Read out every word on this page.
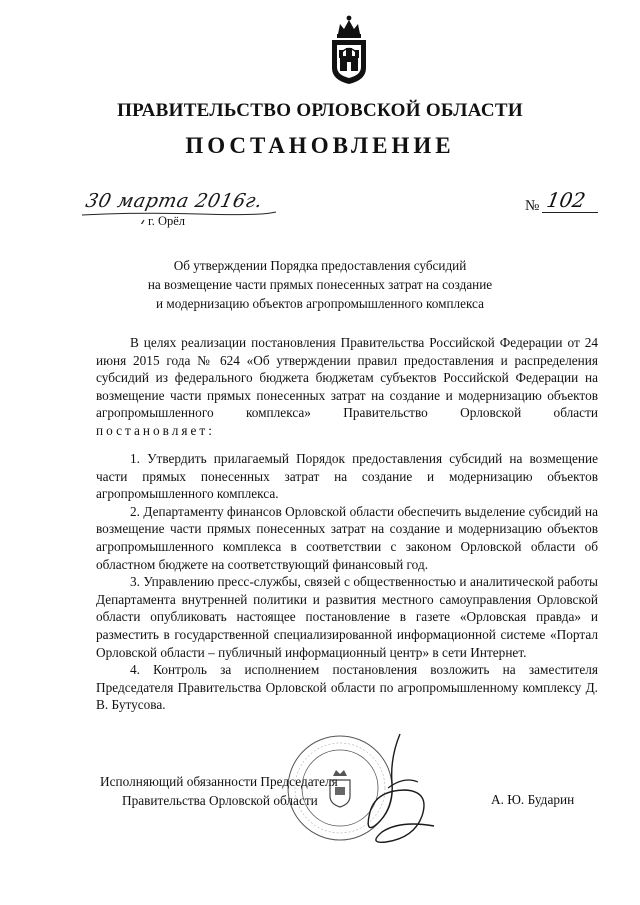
ПРАВИТЕЛЬСТВО ОРЛОВСКОЙ ОБЛАСТИ
ПОСТАНОВЛЕНИЕ
30 марта 2016г.
г. Орёл
№ 102
Об утверждении Порядка предоставления субсидий
на возмещение части прямых понесенных затрат на создание
и модернизацию объектов агропромышленного комплекса

В целях реализации постановления Правительства Российской Федерации от 24 июня 2015 года № 624 «Об утверждении правил предоставления и распределения субсидий из федерального бюджета бюджетам субъектов Российской Федерации на возмещение части прямых понесенных затрат на создание и модернизацию объектов агропромышленного комплекса» Правительство Орловской области постановляет:

1. Утвердить прилагаемый Порядок предоставления субсидий на возмещение части прямых понесенных затрат на создание и модернизацию объектов агропромышленного комплекса.

2. Департаменту финансов Орловской области обеспечить выделение субсидий на возмещение части прямых понесенных затрат на создание и модернизацию объектов агропромышленного комплекса в соответствии с законом Орловской области об областном бюджете на соответствующий финансовый год.

3. Управлению пресс-службы, связей с общественностью и аналитической работы Департамента внутренней политики и развития местного самоуправления Орловской области опубликовать настоящее постановление в газете «Орловская правда» и разместить в государственной специализированной информационной системе «Портал Орловской области – публичный информационный центр» в сети Интернет.

4. Контроль за исполнением постановления возложить на заместителя Председателя Правительства Орловской области по агропромышленному комплексу Д. В. Бутусова.

Исполняющий обязанности Председателя
Правительства Орловской области	А. Ю. Бударин
